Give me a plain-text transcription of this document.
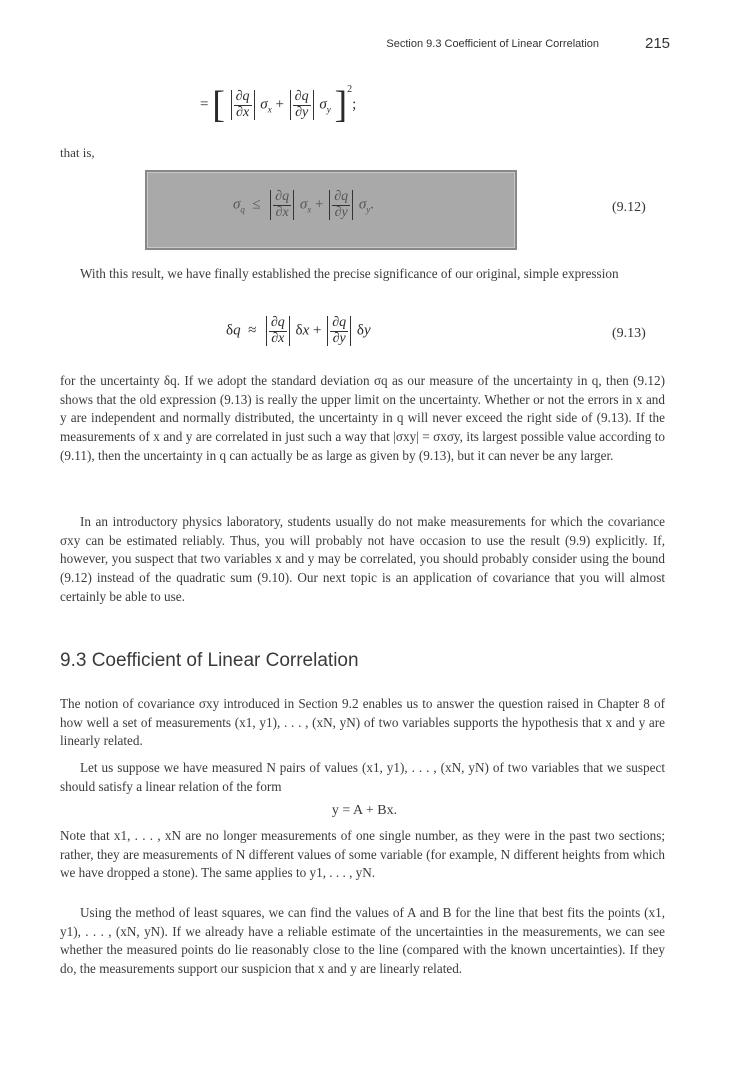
Section 9.3 Coefficient of Linear Correlation	215
= [ $\frac{\partial q}{\partial x} \sigma_x + \frac{\partial q}{\partial y} \sigma_y$ ]$^2$;
that is,
$\sigma_q \le \frac{\partial q}{\partial x} \sigma_x + \frac{\partial q}{\partial y} \sigma_y$.	(9.12)

With this result, we have finally established the precise significance of our original, simple expression

$\delta q \approx \frac{\partial q}{\partial x}$ $\delta x + \frac{\partial q}{\partial y}$ δy	(9.13)

for the uncertainty δq. If we adopt the standard deviation σq as our measure of the uncertainty in q, then (9.12) shows that the old expression (9.13) is really the upper limit on the uncertainty. Whether or not the errors in x and y are independent and normally distributed, the uncertainty in q will never exceed the right side of (9.13). If the measurements of x and y are correlated in just such a way that |σxy| = σxσy, its largest possible value according to (9.11), then the uncertainty in q can actually be as large as given by (9.13), but it can never be any larger.

In an introductory physics laboratory, students usually do not make measurements for which the covariance σxy can be estimated reliably. Thus, you will probably not have occasion to use the result (9.9) explicitly. If, however, you suspect that two variables x and y may be correlated, you should probably consider using the bound (9.12) instead of the quadratic sum (9.10). Our next topic is an application of covariance that you will almost certainly be able to use.

9.3 Coefficient of Linear Correlation

The notion of covariance σxy introduced in Section 9.2 enables us to answer the question raised in Chapter 8 of how well a set of measurements (x1, y1), . . . , (xN, yN) of two variables supports the hypothesis that x and y are linearly related.

Let us suppose we have measured N pairs of values (x1, y1), . . . , (xN, yN) of two variables that we suspect should satisfy a linear relation of the form

y = A + Bx.

Note that x1, . . . , xN are no longer measurements of one single number, as they were in the past two sections; rather, they are measurements of N different values of some variable (for example, N different heights from which we have dropped a stone). The same applies to y1, . . . , yN.

Using the method of least squares, we can find the values of A and B for the line that best fits the points (x1, y1), . . . , (xN, yN). If we already have a reliable estimate of the uncertainties in the measurements, we can see whether the measured points do lie reasonably close to the line (compared with the known uncertainties). If they do, the measurements support our suspicion that x and y are linearly related.
